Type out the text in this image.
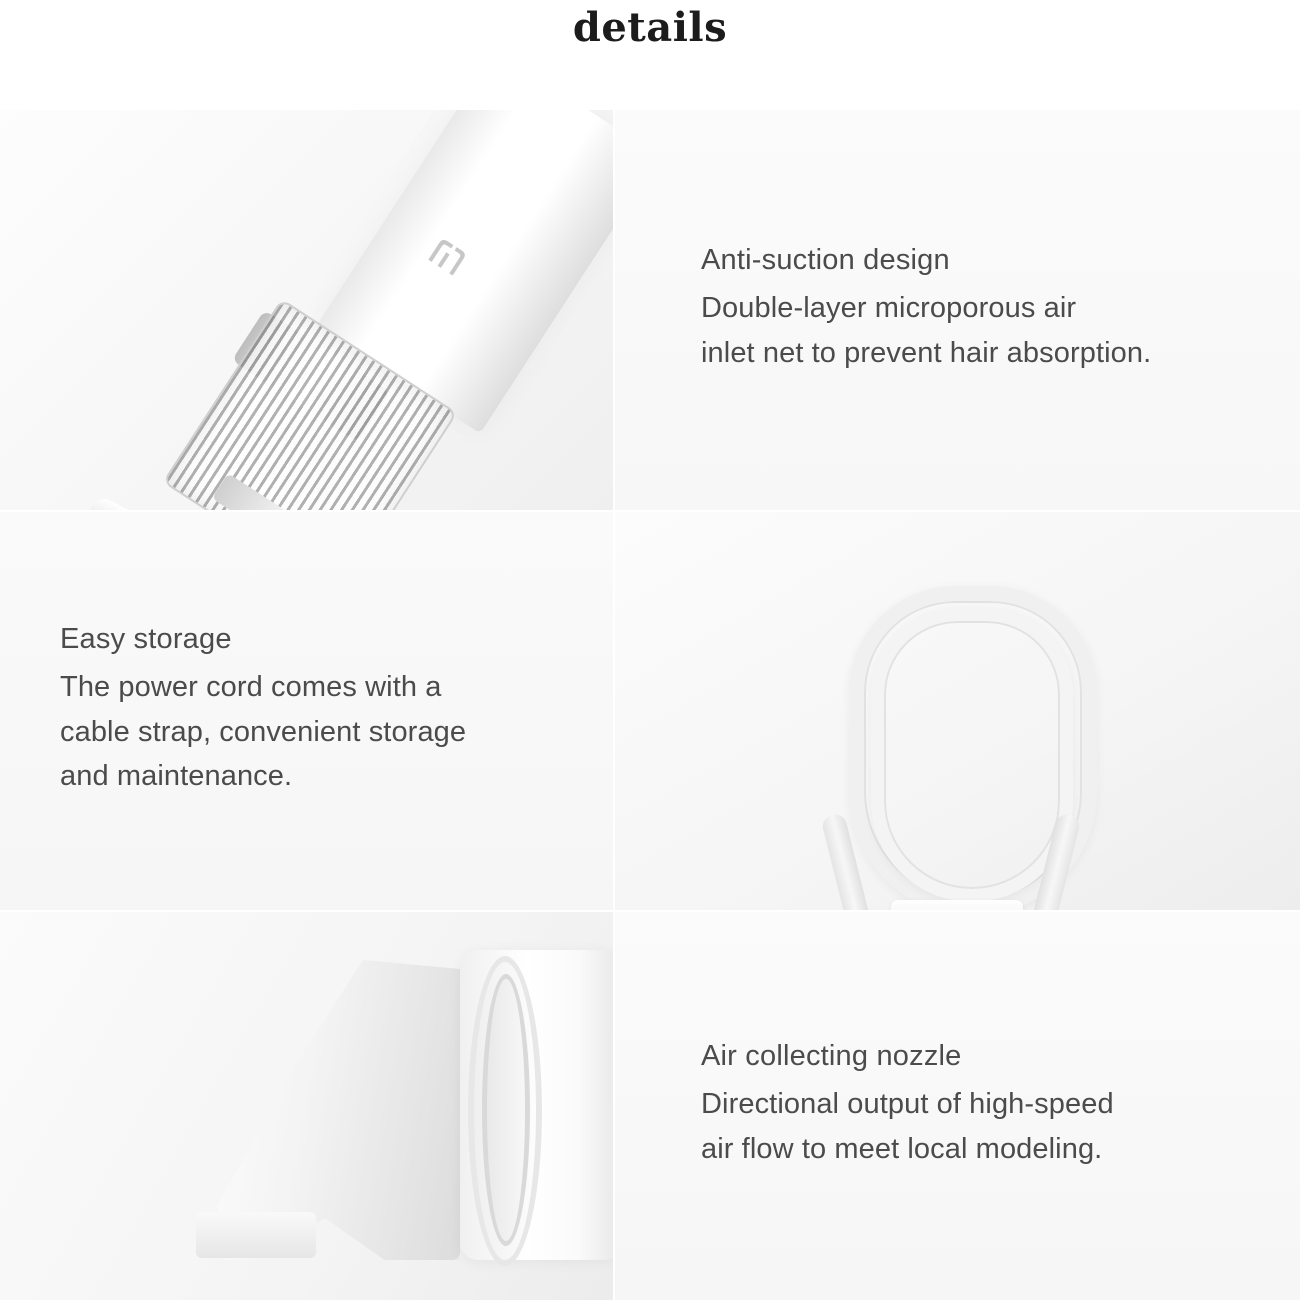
details

Anti-suction design

Double-layer microporous air

inlet net to prevent hair absorption.

Easy storage

The power cord comes with a

cable strap, convenient storage

and maintenance.

Air collecting nozzle

Directional output of high-speed

air flow to meet local modeling.
